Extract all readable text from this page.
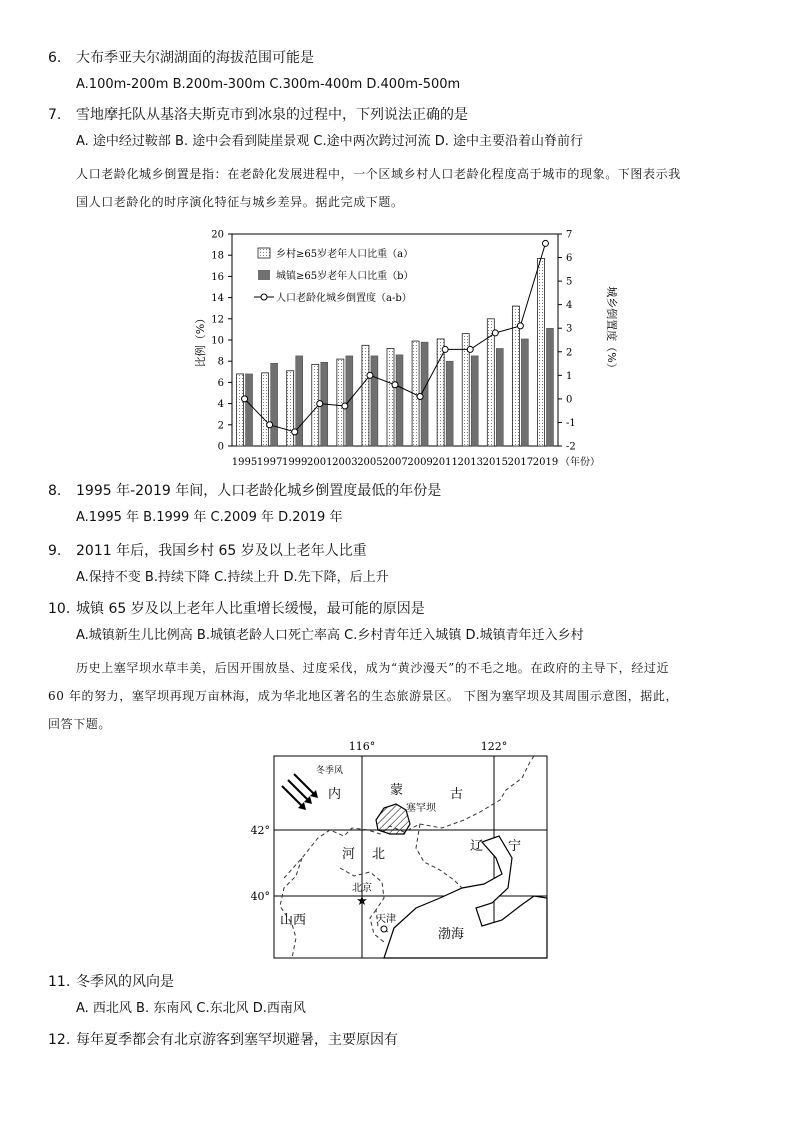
6. 大布季亚夫尔湖湖面的海拔范围可能是
A.100m-200m B.200m-300m C.300m-400m D.400m-500m
7. 雪地摩托队从基洛夫斯克市到冰泉的过程中，下列说法正确的是
A. 途中经过鞍部 B. 途中会看到陡崖景观 C.途中两次跨过河流 D. 途中主要沿着山脊前行
人口老龄化城乡倒置是指：在老龄化发展进程中，一个区域乡村人口老龄化程度高于城市的现象。下图表示我
国人口老龄化的时序演化特征与城乡差异。据此完成下题。
0
2
4
6
8
10
12
14
16
18
20
-2
-1
0
1
2
3
4
5
6
7
比例（%）	城乡倒置度（%）
1995 1997 1999 2001 2003 2005 2007 2009 2011 2013 2015 2017 2019 （年份）
乡村≥65岁老年人口比重（a）
城镇≥65岁老年人口比重（b）
人口老龄化城乡倒置度（a-b）
8. 1995 年-2019 年间，人口老龄化城乡倒置度最低的年份是
A.1995 年 B.1999 年 C.2009 年 D.2019 年
9. 2011 年后，我国乡村 65 岁及以上老年人比重
A.保持不变 B.持续下降 C.持续上升 D.先下降，后上升
10. 城镇 65 岁及以上老年人比重增长缓慢，最可能的原因是
A.城镇新生儿比例高 B.城镇老龄人口死亡率高 C.乡村青年迁入城镇 D.城镇青年迁入乡村
历史上塞罕坝水草丰美，后因开围放垦、过度采伐，成为“黄沙漫天”的不毛之地。在政府的主导下，经过近
60 年的努力，塞罕坝再现万亩林海，成为华北地区著名的生态旅游景区。 下图为塞罕坝及其周围示意图，据此，
回答下题。
116°	122°
42°
40°
冬季风
内	蒙	古
塞罕坝
河 北
辽 宁
北京
★
天津
山西
渤海
11. 冬季风的风向是
A. 西北风 B. 东南风 C.东北风 D.西南风
12. 每年夏季都会有北京游客到塞罕坝避暑，主要原因有
